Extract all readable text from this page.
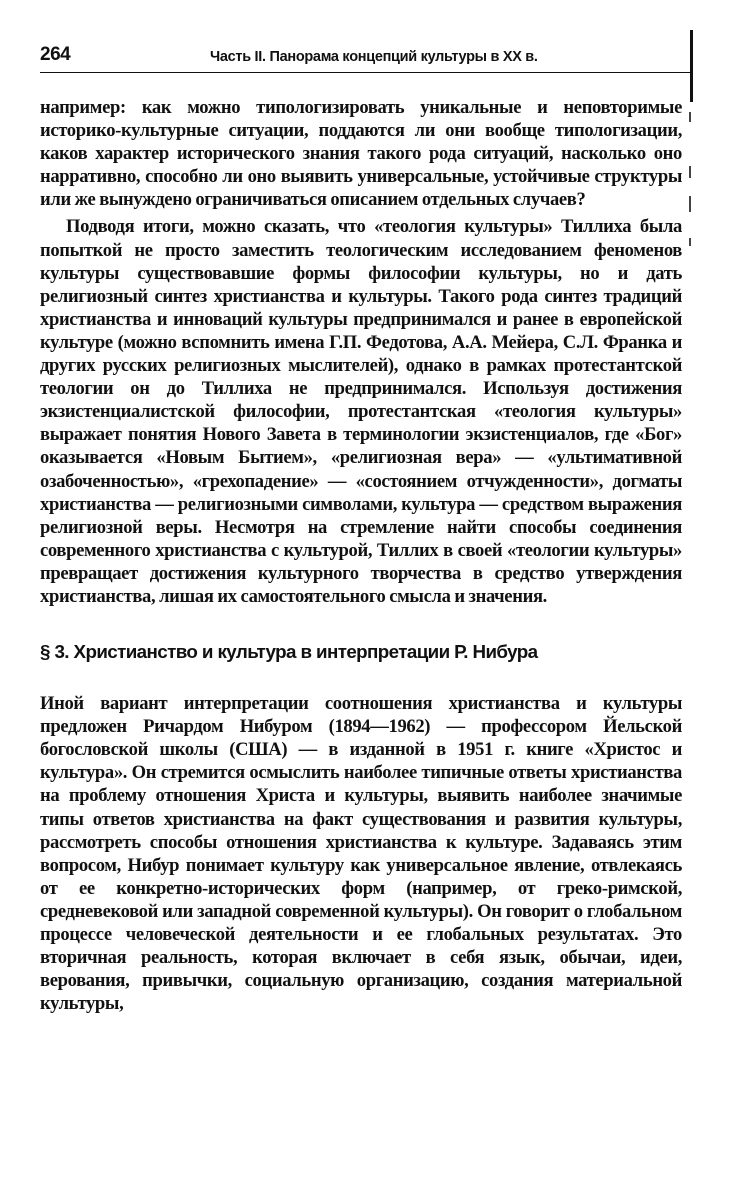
264	Часть II. Панорама концепций культуры в XX в.

например: как можно типологизировать уникальные и неповторимые историко-культурные ситуации, поддаются ли они вообще типологизации, каков характер исторического знания такого рода ситуаций, насколько оно нарративно, способно ли оно выявить универсальные, устойчивые структуры или же вынуждено ограничиваться описанием отдельных случаев?

Подводя итоги, можно сказать, что «теология культуры» Тиллиха была попыткой не просто заместить теологическим исследованием феноменов культуры существовавшие формы философии культуры, но и дать религиозный синтез христианства и культуры. Такого рода синтез традиций христианства и инноваций культуры предпринимался и ранее в европейской культуре (можно вспомнить имена Г.П. Федотова, А.А. Мейера, С.Л. Франка и других русских религиозных мыслителей), однако в рамках протестантской теологии он до Тиллиха не предпринимался. Используя достижения экзистенциалистской философии, протестантская «теология культуры» выражает понятия Нового Завета в терминологии экзистенциалов, где «Бог» оказывается «Новым Бытием», «религиозная вера» — «ультимативной озабоченностью», «грехопадение» — «состоянием отчужденности», догматы христианства — религиозными символами, культура — средством выражения религиозной веры. Несмотря на стремление найти способы соединения современного христианства с культурой, Тиллих в своей «теологии культуры» превращает достижения культурного творчества в средство утверждения христианства, лишая их самостоятельного смысла и значения.

§ 3. Христианство и культура в интерпретации Р. Нибура

Иной вариант интерпретации соотношения христианства и культуры предложен Ричардом Нибуром (1894—1962) — профессором Йельской богословской школы (США) — в изданной в 1951 г. книге «Христос и культура». Он стремится осмыслить наиболее типичные ответы христианства на проблему отношения Христа и культуры, выявить наиболее значимые типы ответов христианства на факт существования и развития культуры, рассмотреть способы отношения христианства к культуре. Задаваясь этим вопросом, Нибур понимает культуру как универсальное явление, отвлекаясь от ее конкретно-исторических форм (например, от греко-римской, средневековой или западной современной культуры). Он говорит о глобальном процессе человеческой деятельности и ее глобальных результатах. Это вторичная реальность, которая включает в себя язык, обычаи, идеи, верования, привычки, социальную организацию, создания материальной культуры,
